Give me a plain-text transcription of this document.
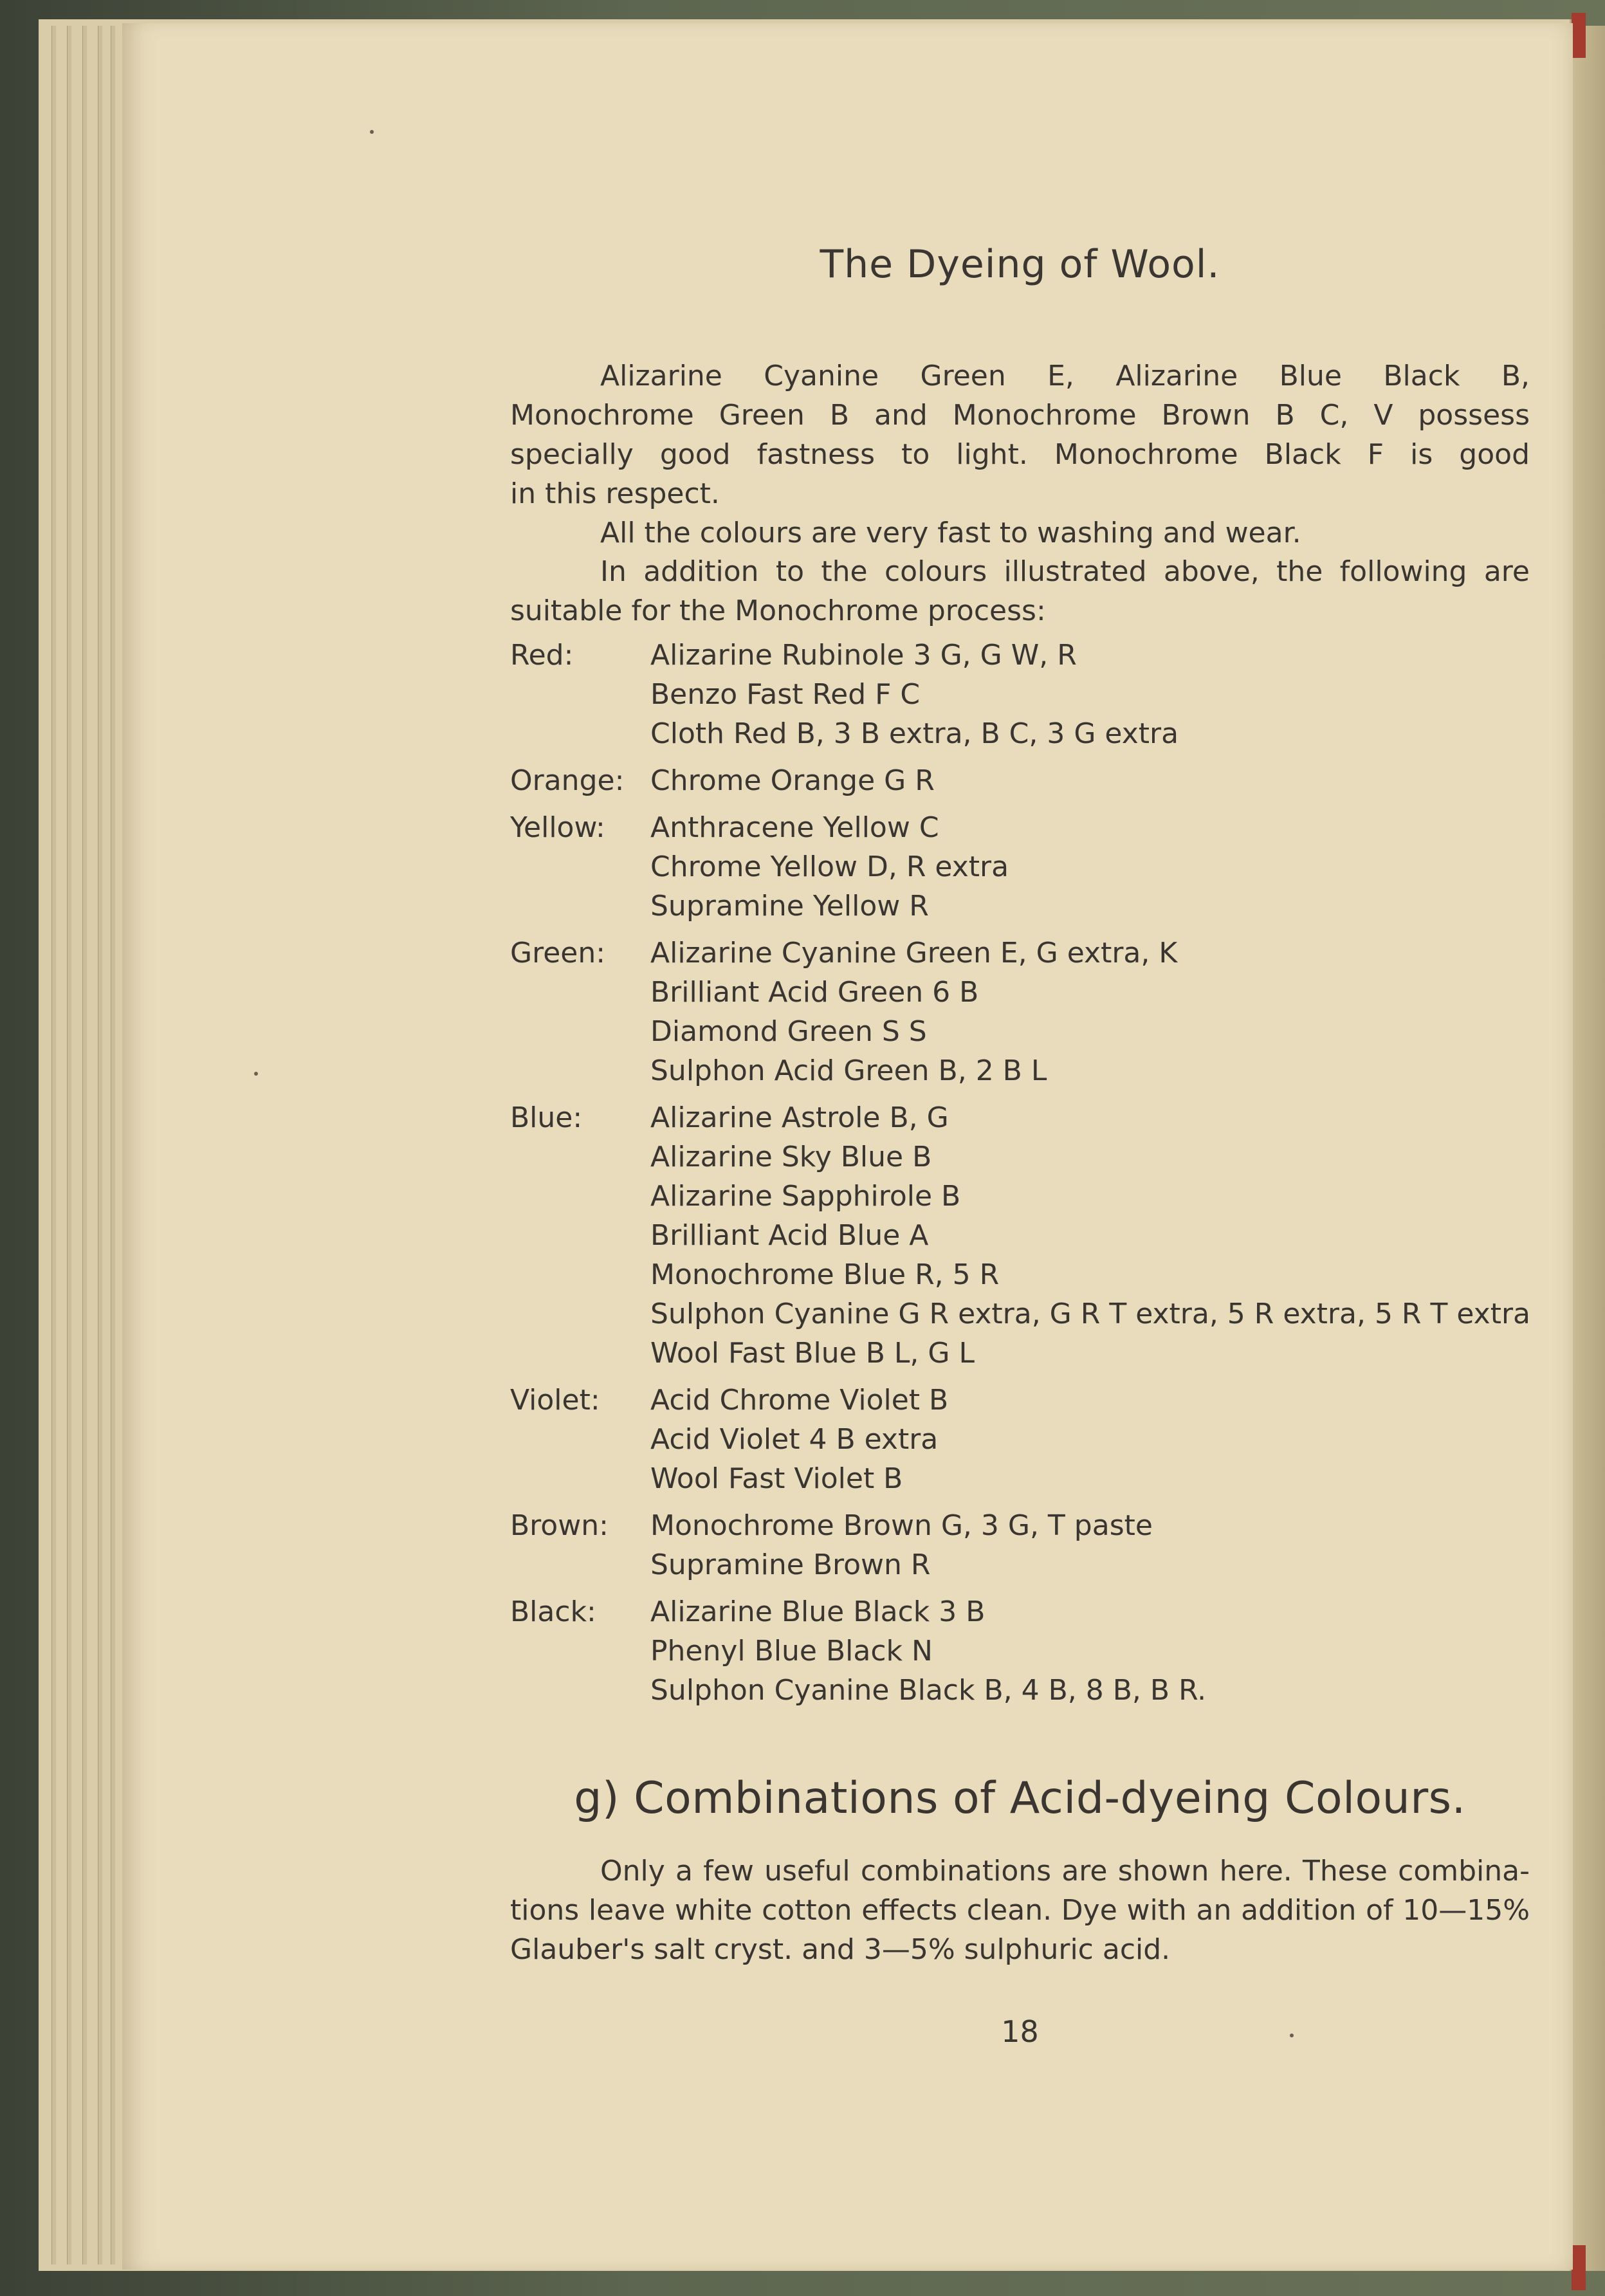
The Dyeing of Wool.
Alizarine Cyanine Green E, Alizarine Blue Black B,
Monochrome Green B and Monochrome Brown B C, V possess
specially good fastness to light. Monochrome Black F is good
in this respect.
All the colours are very fast to washing and wear.
In addition to the colours illustrated above, the following are
suitable for the Monochrome process:
Red:	Alizarine Rubinole 3 G, G W, R
Benzo Fast Red F C
Cloth Red B, 3 B extra, B C, 3 G extra
Orange: Chrome Orange G R
Yellow:	Anthracene Yellow C
Chrome Yellow D, R extra
Supramine Yellow R
Green:	Alizarine Cyanine Green E, G extra, K
Brilliant Acid Green 6 B
Diamond Green S S
Sulphon Acid Green B, 2 B L
Blue:	Alizarine Astrole B, G
Alizarine Sky Blue B
Alizarine Sapphirole B
Brilliant Acid Blue A
Monochrome Blue R, 5 R
Sulphon Cyanine G R extra, G R T extra, 5 R extra, 5 R T extra
Wool Fast Blue B L, G L
Violet:	Acid Chrome Violet B
Acid Violet 4 B extra
Wool Fast Violet B
Brown:	Monochrome Brown G, 3 G, T paste
Supramine Brown R
Black:	Alizarine Blue Black 3 B
Phenyl Blue Black N
Sulphon Cyanine Black B, 4 B, 8 B, B R.
g) Combinations of Acid-dyeing Colours.
Only a few useful combinations are shown here. These combina-
tions leave white cotton effects clean. Dye with an addition of 10—15%
Glauber's salt cryst. and 3—5% sulphuric acid.
18
